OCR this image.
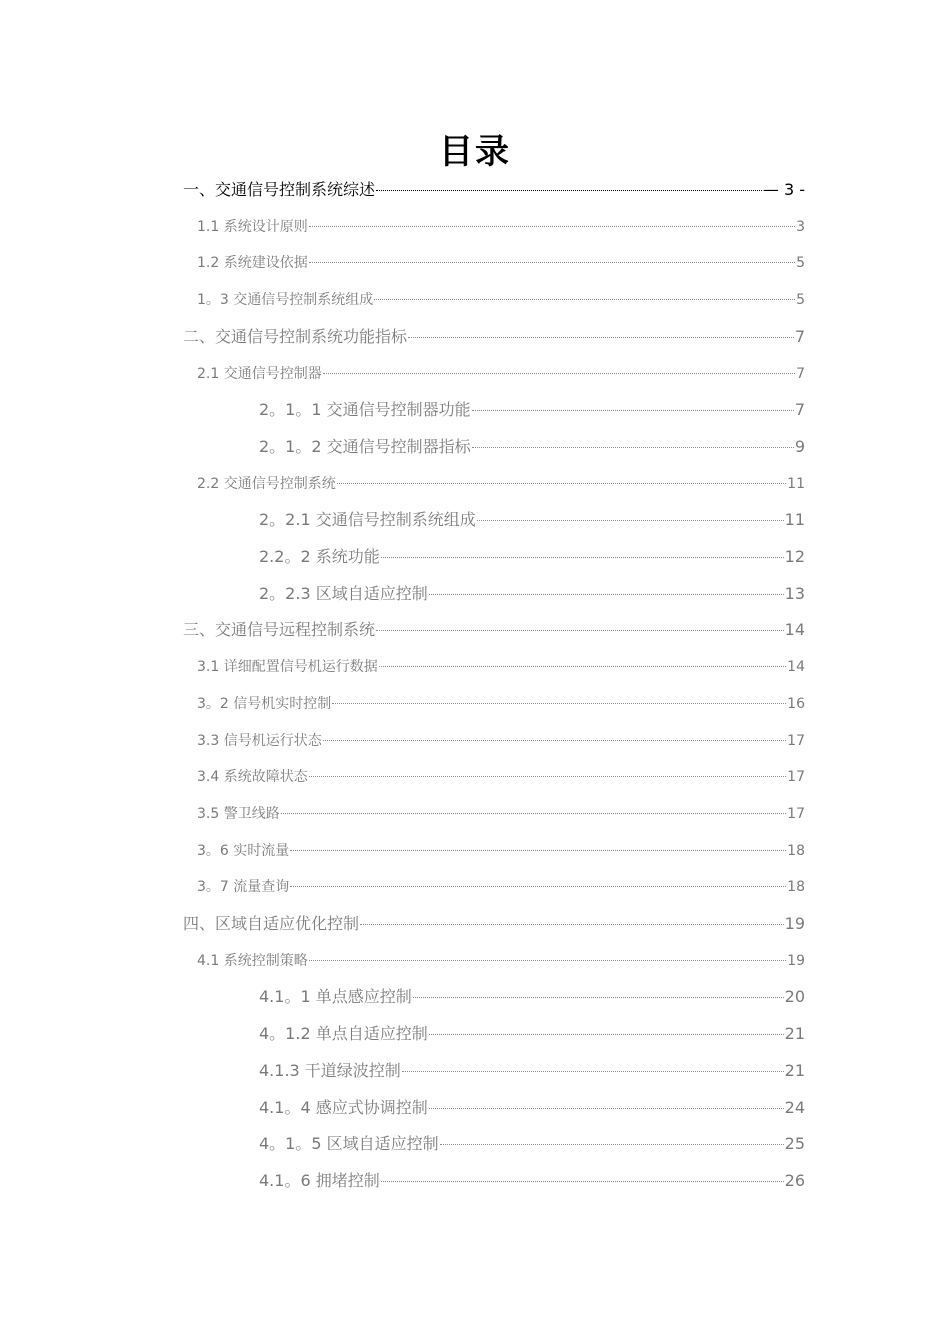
目录
一、交通信号控制系统综述	— 3 -
1.1 系统设计原则	3
1.2 系统建设依据	5
1。3 交通信号控制系统组成	5
二、交通信号控制系统功能指标	7
2.1 交通信号控制器	7
2。1。1 交通信号控制器功能	7
2。1。2 交通信号控制器指标	9
2.2 交通信号控制系统	11
2。2.1 交通信号控制系统组成	11
2.2。2 系统功能	12
2。2.3 区域自适应控制	13
三、交通信号远程控制系统	14
3.1 详细配置信号机运行数据	14
3。2 信号机实时控制	16
3.3 信号机运行状态	17
3.4 系统故障状态	17
3.5 警卫线路	17
3。6 实时流量	18
3。7 流量查询	18
四、区域自适应优化控制	19
4.1 系统控制策略	19
4.1。1 单点感应控制	20
4。1.2 单点自适应控制	21
4.1.3 干道绿波控制	21
4.1。4 感应式协调控制	24
4。1。5 区域自适应控制	25
4.1。6 拥堵控制	26
